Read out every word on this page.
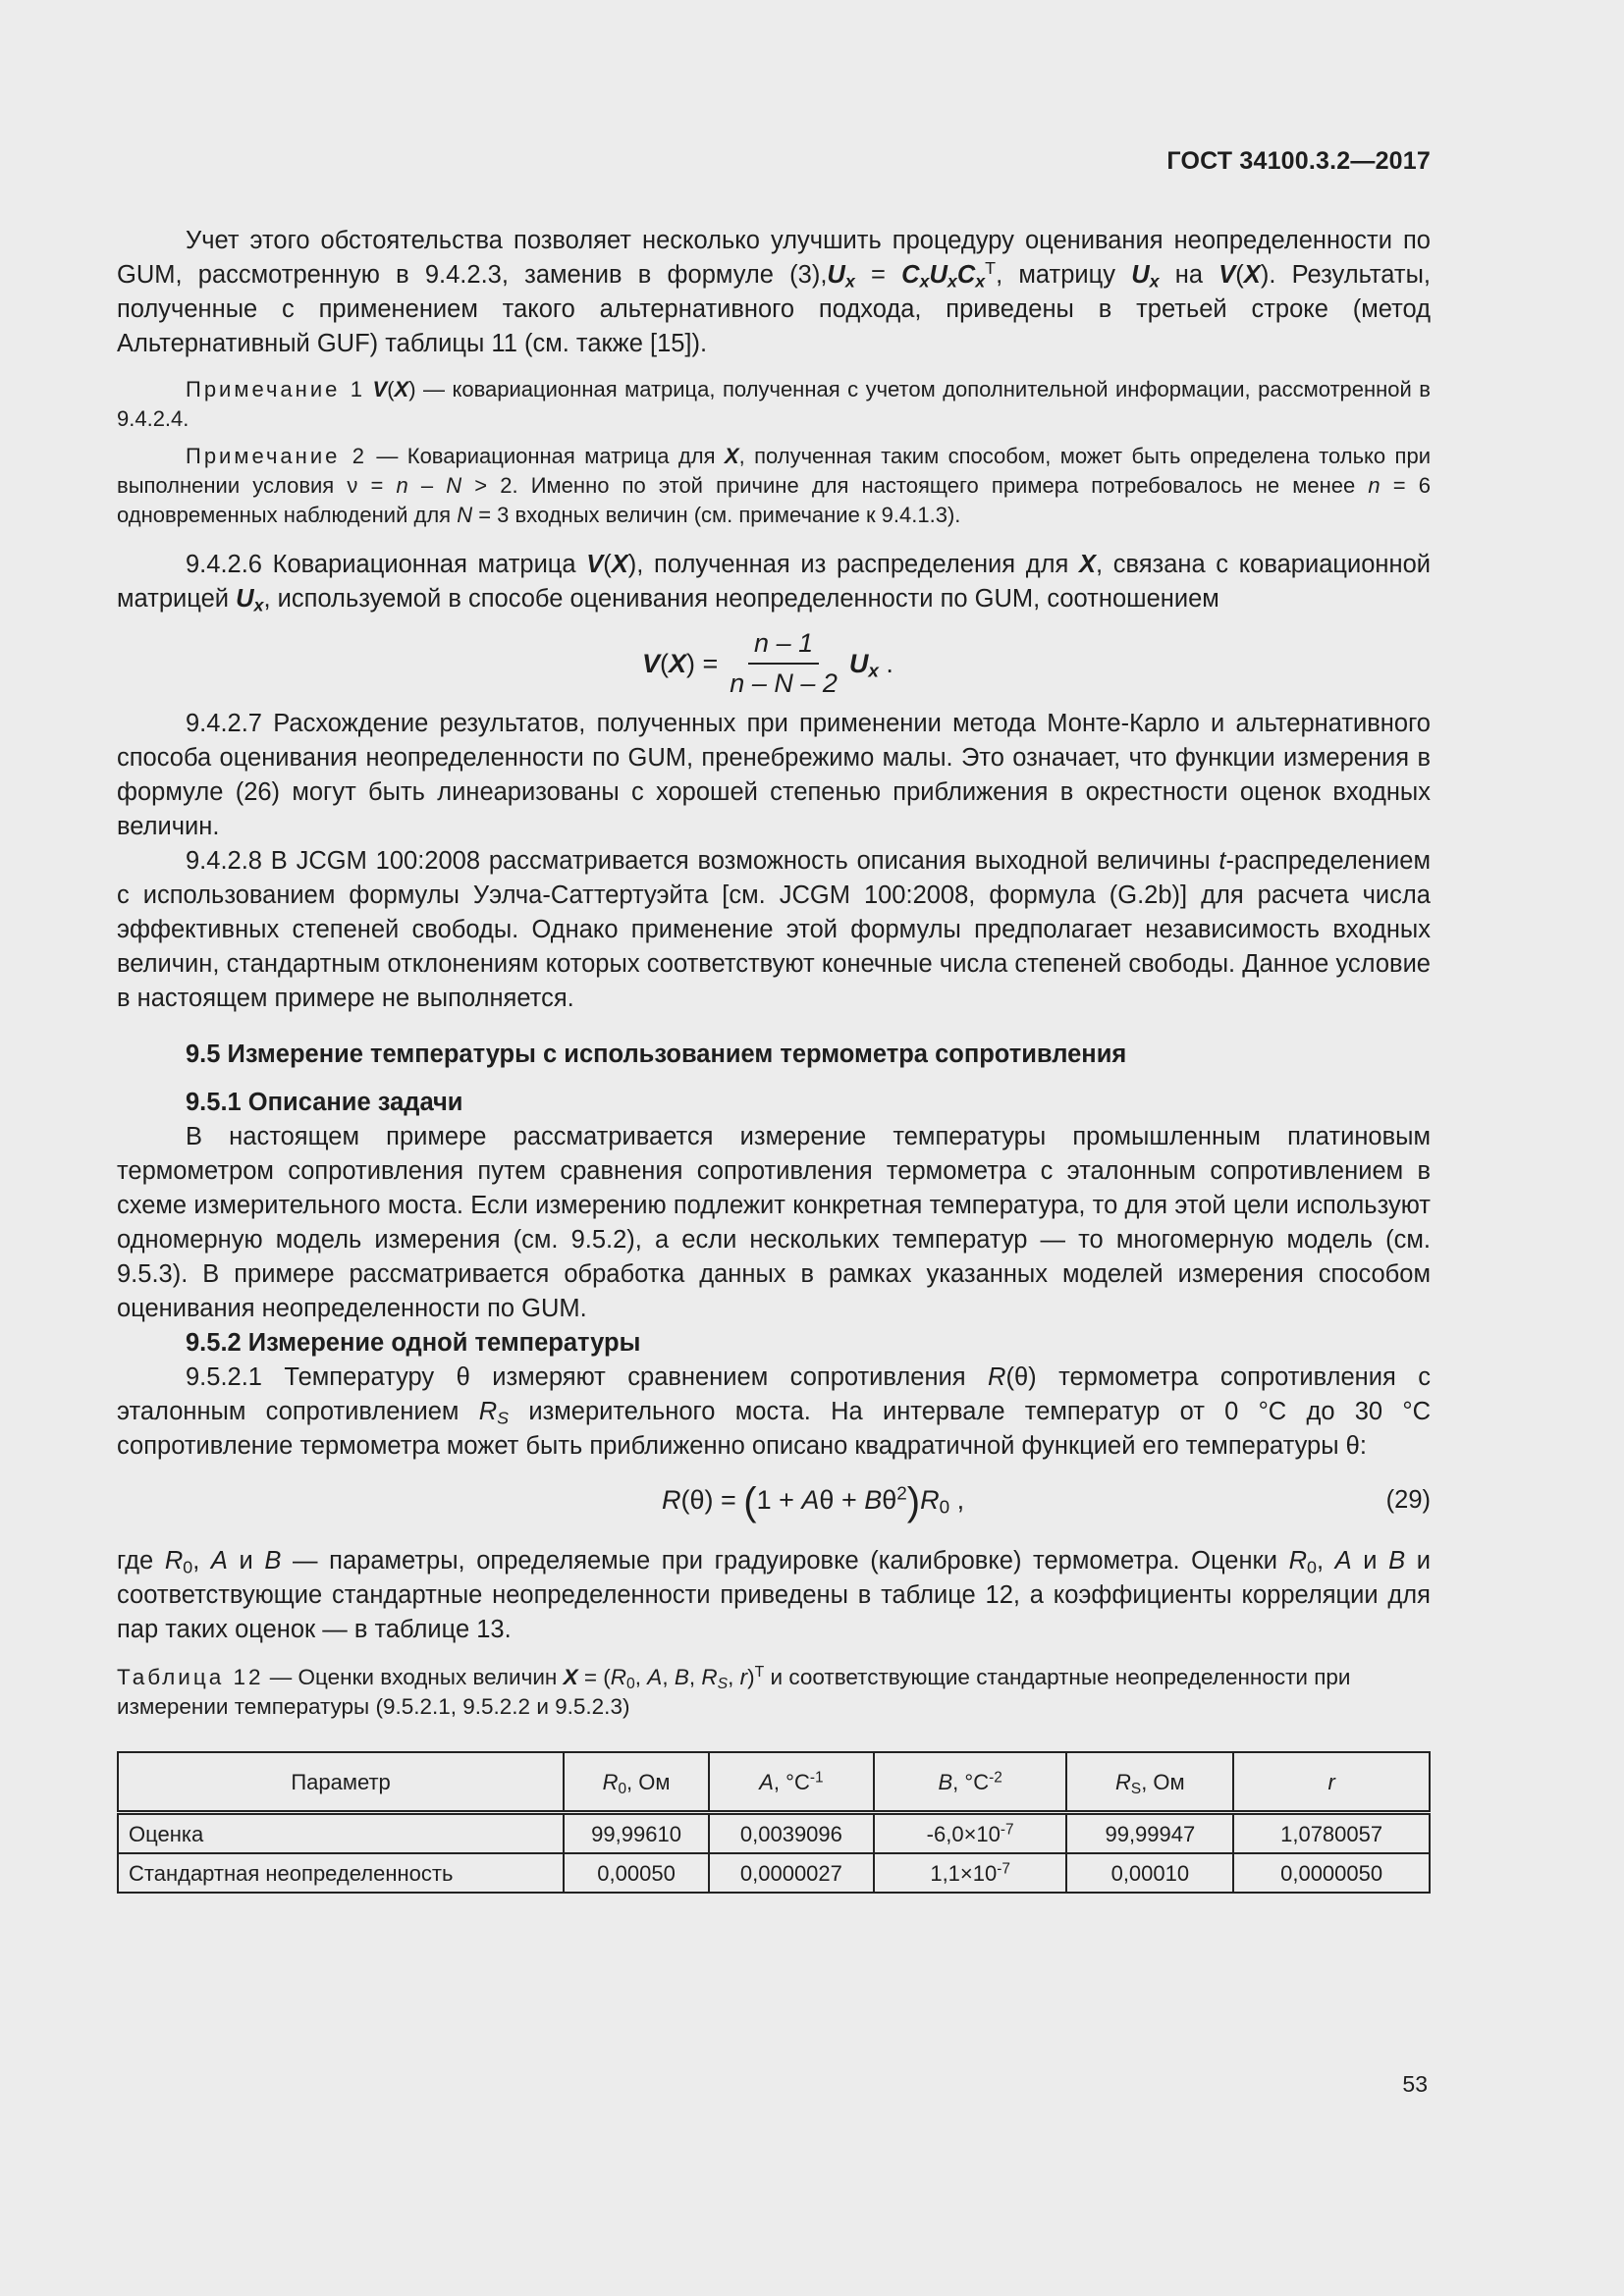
ГОСТ 34100.3.2—2017

Учет этого обстоятельства позволяет несколько улучшить процедуру оценивания неопределенности по GUM, рассмотренную в 9.4.2.3, заменив в формуле $(3),U_x = C_xU_xC_x^T$, матрицу $U_x$ на V(X). Результаты, полученные с применением такого альтернативного подхода, приведены в третьей строке (метод Альтернативный GUF) таблицы 11 (см. также [15]).

Примечание 1 V(X) — ковариационная матрица, полученная с учетом дополнительной информации, рассмотренной в 9.4.2.4.

Примечание 2 — Ковариационная матрица для X, полученная таким способом, может быть определена только при выполнении условия ν = n – N > 2. Именно по этой причине для настоящего примера потребовалось не менее n = 6 одновременных наблюдений для N = 3 входных величин (см. примечание к 9.4.1.3).

9.4.2.6 Ковариационная матрица V(X), полученная из распределения для X, связана с ковариационной матрицей $U_x$, используемой в способе оценивания неопределенности по GUM, соотношением

$V(X) = \frac{n - 1}{n - N - 2} U_x$ .

9.4.2.7 Расхождение результатов, полученных при применении метода Монте-Карло и альтернативного способа оценивания неопределенности по GUM, пренебрежимо малы. Это означает, что функции измерения в формуле (26) могут быть линеаризованы с хорошей степенью приближения в окрестности оценок входных величин.

9.4.2.8 В JCGM 100:2008 рассматривается возможность описания выходной величины t-распределением с использованием формулы Уэлча-Саттертуэйта [см. JCGM 100:2008, формула (G.2b)] для расчета числа эффективных степеней свободы. Однако применение этой формулы предполагает независимость входных величин, стандартным отклонениям которых соответствуют конечные числа степеней свободы. Данное условие в настоящем примере не выполняется.

9.5 Измерение температуры с использованием термометра сопротивления

9.5.1 Описание задачи

В настоящем примере рассматривается измерение температуры промышленным платиновым термометром сопротивления путем сравнения сопротивления термометра с эталонным сопротивлением в схеме измерительного моста. Если измерению подлежит конкретная температура, то для этой цели используют одномерную модель измерения (см. 9.5.2), а если нескольких температур — то многомерную модель (см. 9.5.3). В примере рассматривается обработка данных в рамках указанных моделей измерения способом оценивания неопределенности по GUM.

9.5.2 Измерение одной температуры

9.5.2.1 Температуру θ измеряют сравнением сопротивления R(θ) термометра сопротивления с эталонным сопротивлением $R_S$ измерительного моста. На интервале температур от 0 °С до 30 °С сопротивление термометра может быть приближенно описано квадратичной функцией его температуры θ:

$R(\theta) = (1 + A\theta + B\theta^2)R_0$ ,	(29)

где $R_0$, A и B — параметры, определяемые при градуировке (калибровке) термометра. Оценки $R_0$, A и B и соответствующие стандартные неопределенности приведены в таблице 12, а коэффициенты корреляции для пар таких оценок — в таблице 13.

Таблица 12 — Оценки входных величин $X = (R_0$, A, B, $R_S$, r)$^T$ и соответствующие стандартные неопределенности при измерении температуры (9.5.2.1, 9.5.2.2 и 9.5.2.3)

Параметр	$R_0$, Ом	A, $^\circ C^{-1}$	B, $^\circ C^{-2}$	$R_S$, Ом	r
Оценка	99,99610	0,0039096	$-6,0\times 10^{-7}$	99,99947	1,0780057
Стандартная неопределенность	0,00050	0,0000027	$1,1\times 10^{-7}$	0,00010	0,0000050
53
